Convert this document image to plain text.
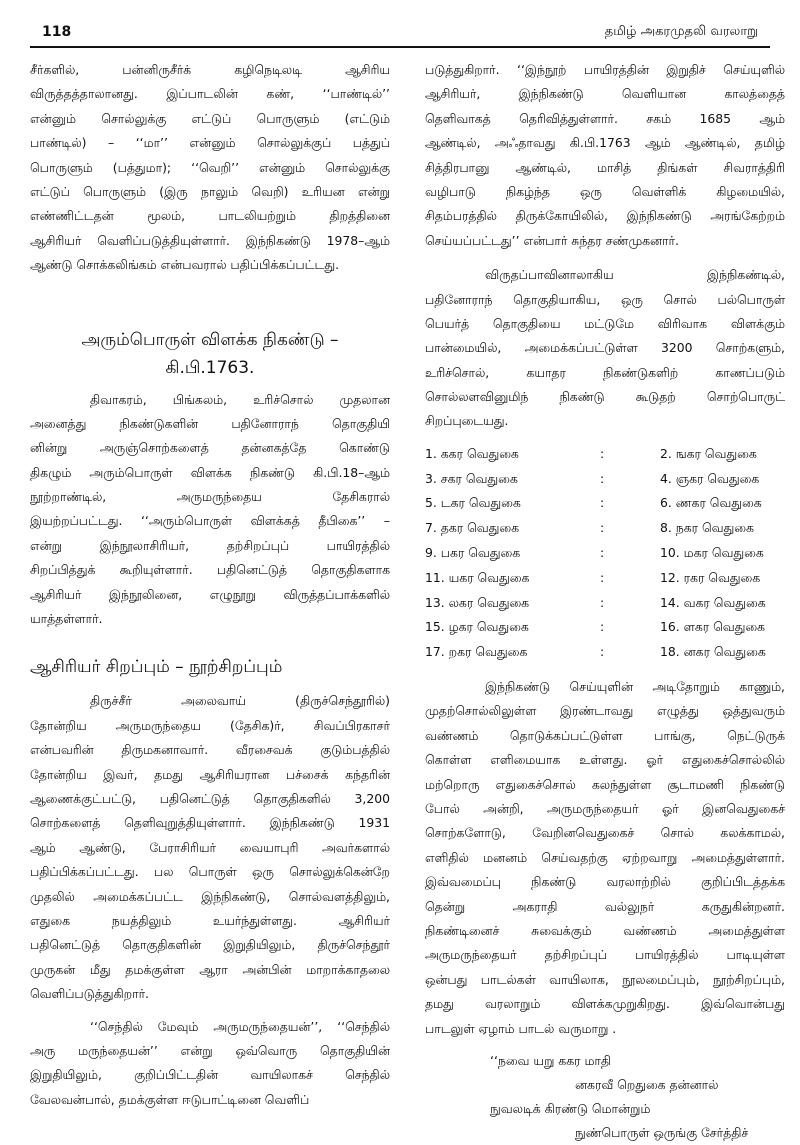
118	தமிழ் அகரமுதலி வரலாறு
சீர்களில், பன்னிருசீர்க் கழிநெடிலடி ஆசிரிய
விருத்தத்தாலானது. இப்பாடலின் கண், ‘‘பாண்டில்’’
என்னும் சொல்லுக்கு எட்டுப் பொருளும் (எட்டும்
பாண்டில்) – ‘‘மா’’ என்னும் சொல்லுக்குப் பத்துப்
பொருளும் (பத்துமா); ‘‘வெறி’’ என்னும் சொல்லுக்கு
எட்டுப் பொருளும் (இரு நாலும் வெறி) உரியன என்று
எண்ணிட்டதன் மூலம், பாடலியற்றும் திறத்தினை
ஆசிரியர் வெளிப்படுத்தியுள்ளார். இந்நிகண்டு 1978–ஆம்
ஆண்டு சொக்கலிங்கம் என்பவரால் பதிப்பிக்கப்பட்டது.
அரும்பொருள் விளக்க நிகண்டு –
கி.பி.1763.
திவாகரம், பிங்கலம், உரிச்சொல் முதலான
அனைத்து நிகண்டுகளின் பதினோராந் தொகுதியி
னின்று அருஞ்சொற்களைத் தன்னகத்தே கொண்டு
திகழும் அரும்பொருள் விளக்க நிகண்டு கி.பி.18–ஆம்
நூற்றாண்டில், அருமருந்தைய தேசிகரால்
இயற்றப்பட்டது. ‘‘அரும்பொருள் விளக்கத் தீபிகை’’ –
என்று இந்நூலாசிரியர், தற்சிறப்புப் பாயிரத்தில்
சிறப்பித்துக் கூறியுள்ளார். பதினெட்டுத் தொகுதிகளாக
ஆசிரியர் இந்நூலினை, எழுநூறு விருத்தப்பாக்களில்
யாத்தள்ளார்.
ஆசிரியர் சிறப்பும் – நூற்சிறப்பும்
திருச்சீர் அலைவாய் (திருச்செந்தூரில்)
தோன்றிய அருமருந்தைய (தேசிக)ர், சிவப்பிரகாசர்
என்பவரின் திருமகனாவார். வீரசைவக் குடும்பத்தில்
தோன்றிய இவர், தமது ஆசிரியரான பச்சைக் கந்தரின்
ஆணைக்குட்பட்டு, பதினெட்டுத் தொகுதிகளில் 3,200
சொற்களைத் தெளிவுறுத்தியுள்ளார். இந்நிகண்டு 1931
ஆம் ஆண்டு, பேராசிரியர் வையாபுரி அவர்களால்
பதிப்பிக்கப்பட்டது. பல பொருள் ஒரு சொல்லுக்கென்றே
முதலில் அமைக்கப்பட்ட இந்நிகண்டு, சொல்வளத்திலும்,
எதுகை நயத்திலும் உயர்ந்துள்ளது. ஆசிரியர்
பதினெட்டுத் தொகுதிகளின் இறுதியிலும், திருச்செந்தூர்
முருகன் மீது தமக்குள்ள ஆரா அன்பின் மாறாக்காதலை
வெளிப்படுத்துகிறார்.
‘‘செந்தில் மேவும் அருமருந்தையன்’’, ‘‘செந்தில்
அரு மருந்தையன்’’ என்று ஒவ்வொரு தொகுதியின்
இறுதியிலும், குறிப்பிட்டதின் வாயிலாகச் செந்தில்
வேலவன்பால், தமக்குள்ள ஈடுபாட்டினை வெளிப்
படுத்துகிறார். ‘‘இந்நூற் பாயிரத்தின் இறுதிச் செய்யுளில்
ஆசிரியர், இந்நிகண்டு வெளியான காலத்தைத்
தெளிவாகத் தெரிவித்துள்ளார். சகம் 1685 ஆம்
ஆண்டில், அஃதாவது கி.பி.1763 ஆம் ஆண்டில், தமிழ்
சித்திரபானு ஆண்டில், மாசித் திங்கள் சிவராத்திரி
வழிபாடு நிகழ்ந்த ஒரு வெள்ளிக் கிழமையில்,
சிதம்பரத்தில் திருக்கோயிலில், இந்நிகண்டு அரங்கேற்றம்
செய்யப்பட்டது’’ என்பார் சுந்தர சண்முகனார்.
விருதப்பாவினாலாகிய இந்நிகண்டில்,
பதினோராந் தொகுதியாகிய, ஒரு சொல் பல்பொருள்
பெயர்த் தொகுதியை மட்டுமே விரிவாக விளக்கும்
பான்மையில், அமைக்கப்பட்டுள்ள 3200 சொற்களும்,
உரிச்சொல், கயாதர நிகண்டுகளிற் காணப்படும்
சொல்லளவினுமிந் நிகண்டு கூடுதற் சொற்பொருட்
சிறப்புடையது.
1. ககர வெதுகை	:	2. ஙகர வெதுகை
3. சகர வெதுகை	:	4. ஞகர வெதுகை
5. டகர வெதுகை	:	6. ணகர வெதுகை
7. தகர வெதுகை	:	8. நகர வெதுகை
9. பகர வெதுகை	:	10. மகர வெதுகை
11. யகர வெதுகை	:	12. ரகர வெதுகை
13. லகர வெதுகை	:	14. வகர வெதுகை
15. ழகர வெதுகை	:	16. ளகர வெதுகை
17. றகர வெதுகை	:	18. னகர வெதுகை
இந்நிகண்டு செய்யுளின் அடிதோறும் காணும்,
முதற்சொல்லிலுள்ள இரண்டாவது எழுத்து ஒத்துவரும்
வண்ணம் தொடுக்கப்பட்டுள்ள பாங்கு, நெட்டுருக்
கொள்ள எளிமையாக உள்ளது. ஓர் எதுகைச்சொல்லில்
மற்றொரு எதுகைச்சொல் கலந்துள்ள சூடாமணி நிகண்டு
போல் அன்றி, அருமருந்தையர் ஓர் இனவெதுகைச்
சொற்களோடு, வேறினவெதுகைச் சொல் கலக்காமல்,
எளிதில் மனனம் செய்வதற்கு ஏற்றவாறு அமைத்துள்ளார்.
இவ்வமைப்பு நிகண்டு வரலாற்றில் குறிப்பிடத்தக்க
தென்று அகராதி வல்லுநர் கருதுகின்றனர்.
நிகண்டினைச் சுவைக்கும் வண்ணம் அமைத்துள்ள
அருமருந்தையர் தற்சிறப்புப் பாயிரத்தில் பாடியுள்ள
ஒன்பது பாடல்கள் வாயிலாக, நூலமைப்பும், நூற்சிறப்பும்,
தமது வரலாறும் விளக்கமுறுகிறது. இவ்வொன்பது
பாடலுள் ஏழாம் பாடல் வருமாறு .
‘‘நவை யறு ககர மாதி
னகரவீ றெதுகை தன்னால்
நுவலடிக் கிரண்டு மொன்றும்
நுண்பொருள் ஒருங்கு சேர்த்திச்
